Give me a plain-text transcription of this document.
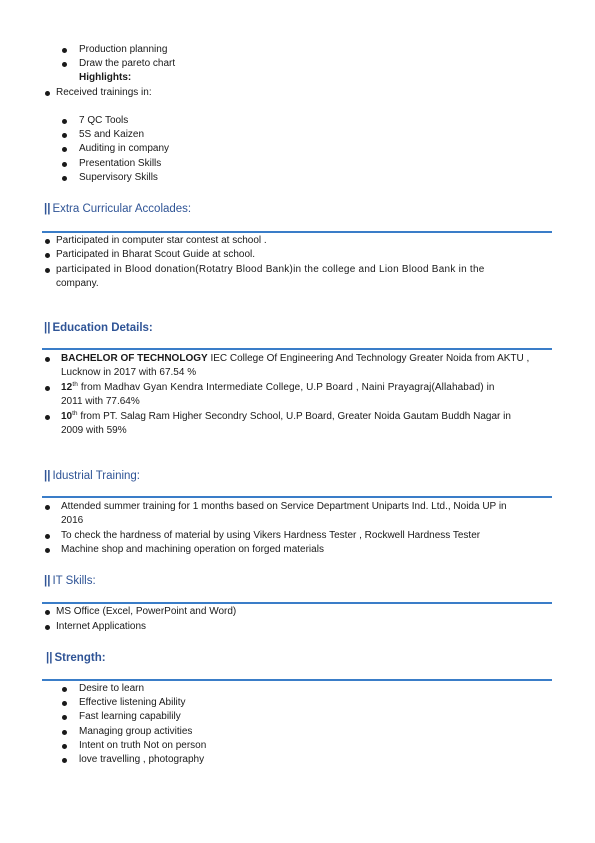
Production planning
Draw the pareto chart
Highlights:
Received trainings in:
7 QC Tools
5S and Kaizen
Auditing in company
Presentation Skills
Supervisory Skills
|| Extra Curricular Accolades:
Participated in computer star contest at school .
Participated in Bharat Scout Guide at school.
participated in Blood donation(Rotatry Blood Bank)in the college and Lion Blood Bank in the
company.
|| Education Details:
BACHELOR OF TECHNOLOGY IEC College Of Engineering And Technology Greater Noida from AKTU ,
Lucknow in 2017 with 67.54 %
12th from Madhav Gyan Kendra Intermediate College, U.P Board , Naini Prayagraj(Allahabad) in
2011 with 77.64%
10th from PT. Salag Ram Higher Secondry School, U.P Board, Greater Noida Gautam Buddh Nagar in
2009 with 59%
|| Idustrial Training:
Attended summer training for 1 months based on Service Department Uniparts Ind. Ltd., Noida UP in
2016
To check the hardness of material by using Vikers Hardness Tester , Rockwell Hardness Tester
Machine shop and machining operation on forged materials
|| IT Skills:
MS Office (Excel, PowerPoint and Word)
Internet Applications
|| Strength:
Desire to learn
Effective listening Ability
Fast learning capabilily
Managing group activities
Intent on truth Not on person
love travelling , photography
